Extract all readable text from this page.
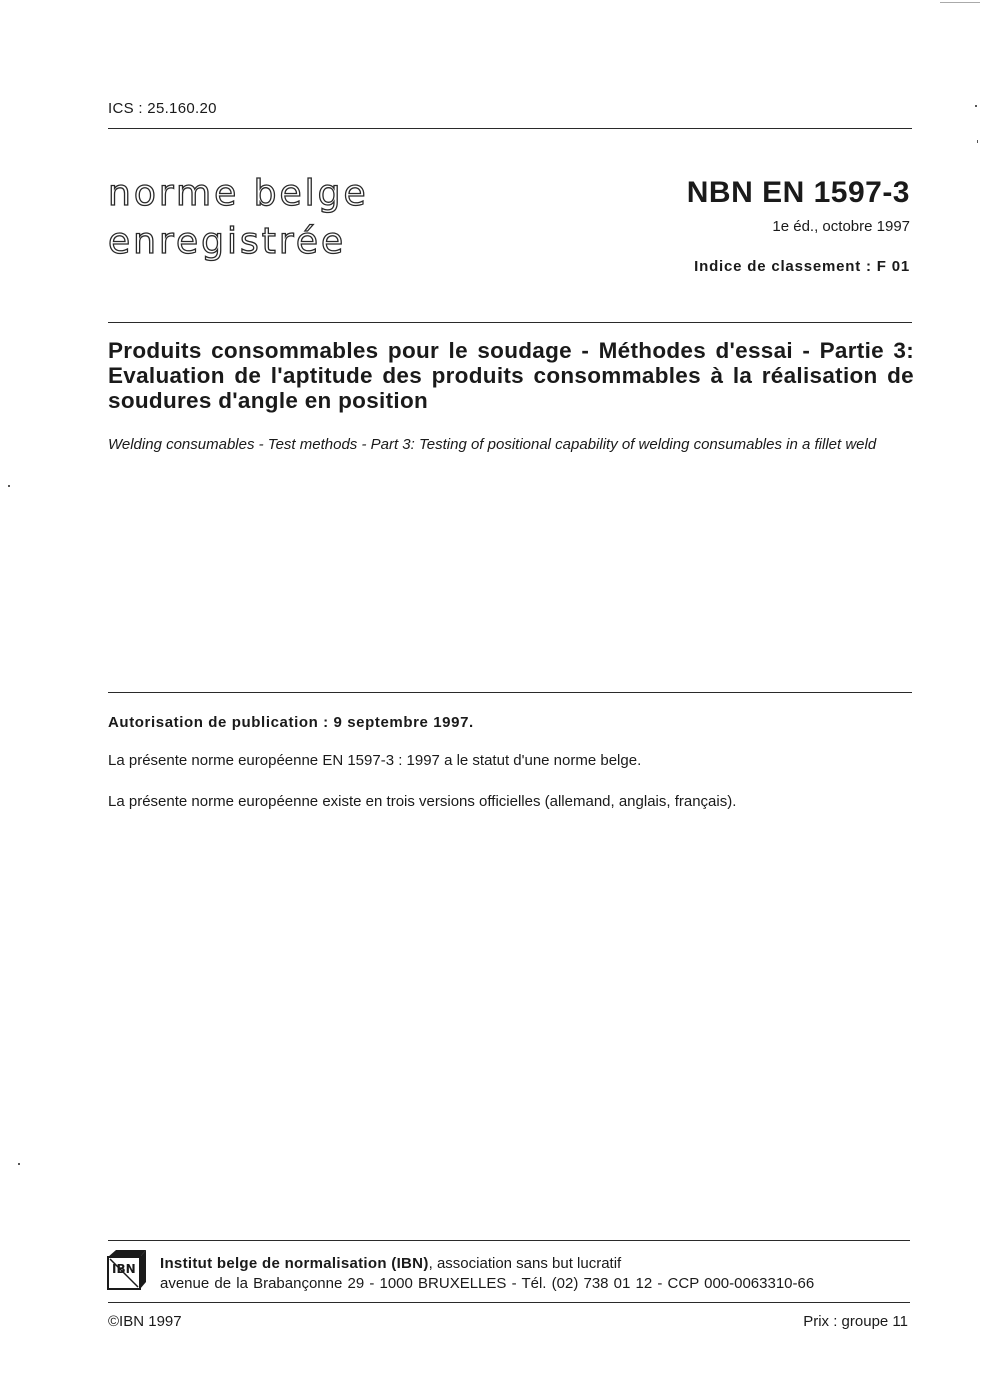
ICS : 25.160.20
norme belge
enregistrée
NBN EN 1597-3
1e éd., octobre 1997
Indice de classement : F 01
Produits consommables pour le soudage - Méthodes d'essai - Partie 3: Evaluation de l'aptitude des produits consommables à la réalisation de soudures d'angle en position
Welding consumables - Test methods - Part 3: Testing of positional capability of welding consumables in a fillet weld
Autorisation de publication : 9 septembre 1997.
La présente norme européenne EN 1597-3 : 1997 a le statut d'une norme belge.
La présente norme européenne existe en trois versions officielles (allemand, anglais, français).
IBN Institut belge de normalisation (IBN), association sans but lucratif
avenue de la Brabançonne 29 - 1000 BRUXELLES - Tél. (02) 738 01 12 - CCP 000-0063310-66
©IBN 1997	Prix : groupe 11
